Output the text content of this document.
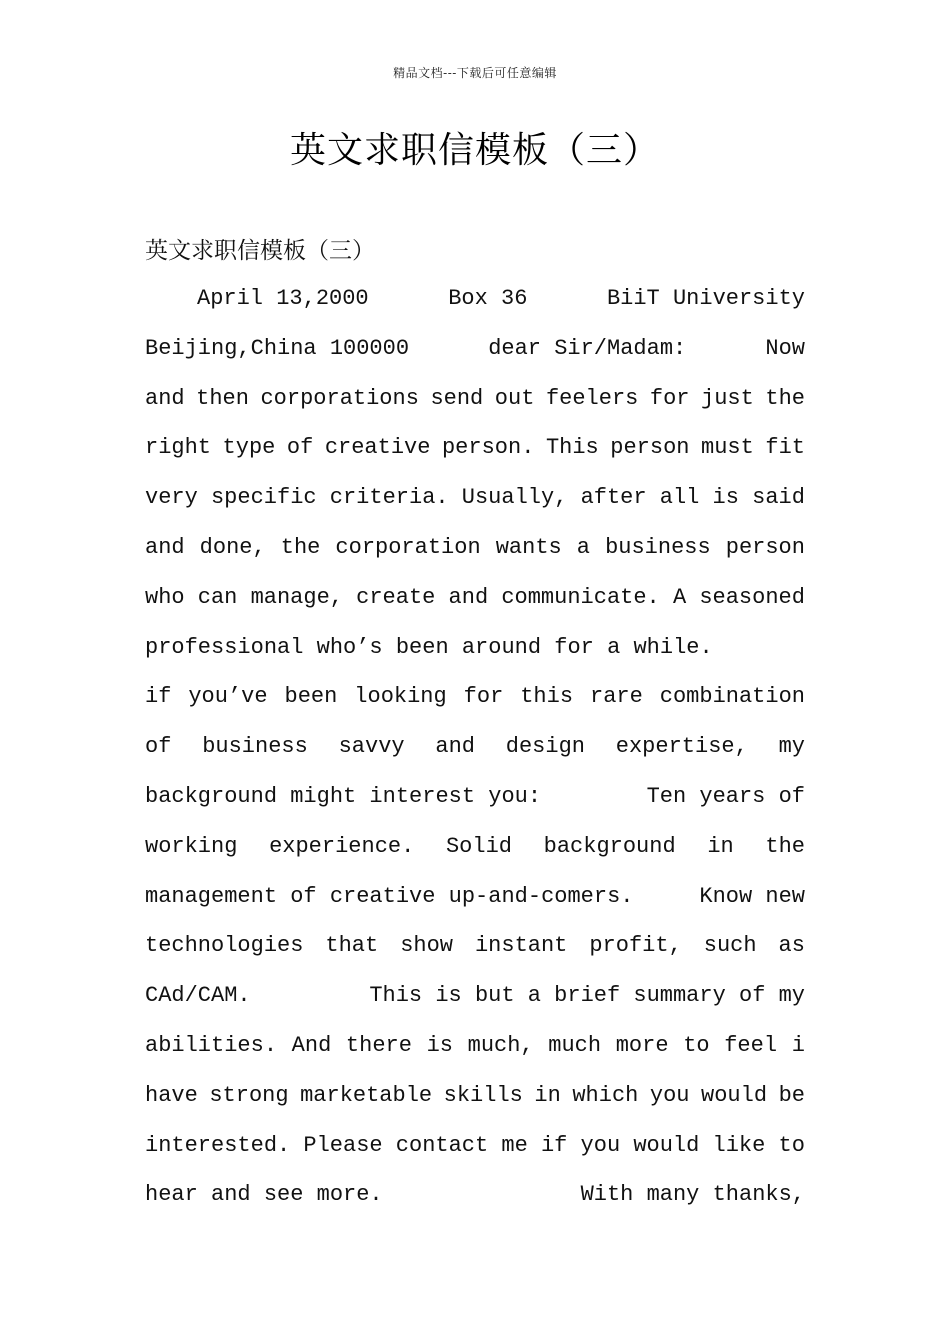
精品文档---下载后可任意编辑
英文求职信模板（三）
英文求职信模板（三）
April 13,2000	Box 36	BiiT University
Beijing,China 100000	dear Sir/Madam:	Now
and then corporations send out feelers for just the
right type of creative person. This person must fit
very specific criteria. Usually, after all is said
and done, the corporation wants a business person
who can manage, create and communicate. A seasoned
professional who’s been around for a while.
if you’ve been looking for this rare combination
of business savvy and design expertise, my
background might interest you:	Ten years of
working experience. Solid background in the
management of creative up-and-comers.	Know new
technologies that show instant profit, such as
CAd/CAM.	This is but a brief summary of my
abilities. And there is much, much more to feel i
have strong marketable skills in which you would be
interested. Please contact me if you would like to
hear and see more.	With many thanks,
